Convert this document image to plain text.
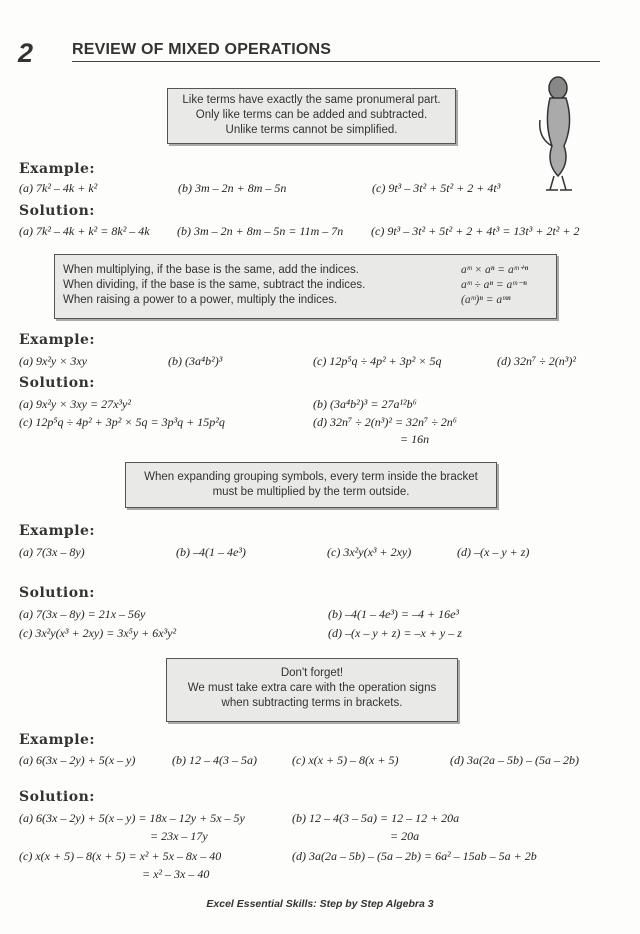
2 REVIEW OF MIXED OPERATIONS
Like terms have exactly the same pronumeral part.
Only like terms can be added and subtracted.
Unlike terms cannot be simplified.
Example:
(a) 7k² – 4k + k²	(b) 3m – 2n + 8m – 5n	(c) 9t³ – 3t² + 5t² + 2 + 4t³
Solution:
(a) 7k² – 4k + k² = 8k² – 4k (b) 3m – 2n + 8m – 5n = 11m – 7n (c) 9t³ – 3t² + 5t² + 2 + 4t³ = 13t³ + 2t² + 2
When multiplying, if the base is the same, add the indices.	aᵐ × aⁿ = aᵐ⁺ⁿ
When dividing, if the base is the same, subtract the indices.	aᵐ ÷ aⁿ = aᵐ⁻ⁿ
When raising a power to a power, multiply the indices.	(aᵐ)ⁿ = aᵐⁿ
Example:
(a) 9x²y × 3xy	(b) (3a⁴b²)³	(c) 12p⁵q ÷ 4p² + 3p² × 5q	(d) 32n⁷ ÷ 2(n³)²
Solution:
(a) 9x²y × 3xy = 27x³y²	(b) (3a⁴b²)³ = 27a¹²b⁶
(c) 12p⁵q ÷ 4p² + 3p² × 5q = 3p³q + 15p²q	(d) 32n⁷ ÷ 2(n³)² = 32n⁷ ÷ 2n⁶
= 16n
When expanding grouping symbols, every term inside the bracket
must be multiplied by the term outside.
Example:
(a) 7(3x – 8y)	(b) –4(1 – 4e³)	(c) 3x²y(x³ + 2xy)	(d) –(x – y + z)
Solution:
(a) 7(3x – 8y) = 21x – 56y	(b) –4(1 – 4e³) = –4 + 16e³
(c) 3x²y(x³ + 2xy) = 3x⁵y + 6x³y²	(d) –(x – y + z) = –x + y – z
Don't forget!
We must take extra care with the operation signs
when subtracting terms in brackets.
Example:
(a) 6(3x – 2y) + 5(x – y)	(b) 12 – 4(3 – 5a)	(c) x(x + 5) – 8(x + 5)	(d) 3a(2a – 5b) – (5a – 2b)
Solution:
(a) 6(3x – 2y) + 5(x – y) = 18x – 12y + 5x – 5y
= 23x – 17y
(b) 12 – 4(3 – 5a) = 12 – 12 + 20a
= 20a
(c) x(x + 5) – 8(x + 5) = x² + 5x – 8x – 40
= x² – 3x – 40
(d) 3a(2a – 5b) – (5a – 2b) = 6a² – 15ab – 5a + 2b
Excel Essential Skills: Step by Step Algebra 3
